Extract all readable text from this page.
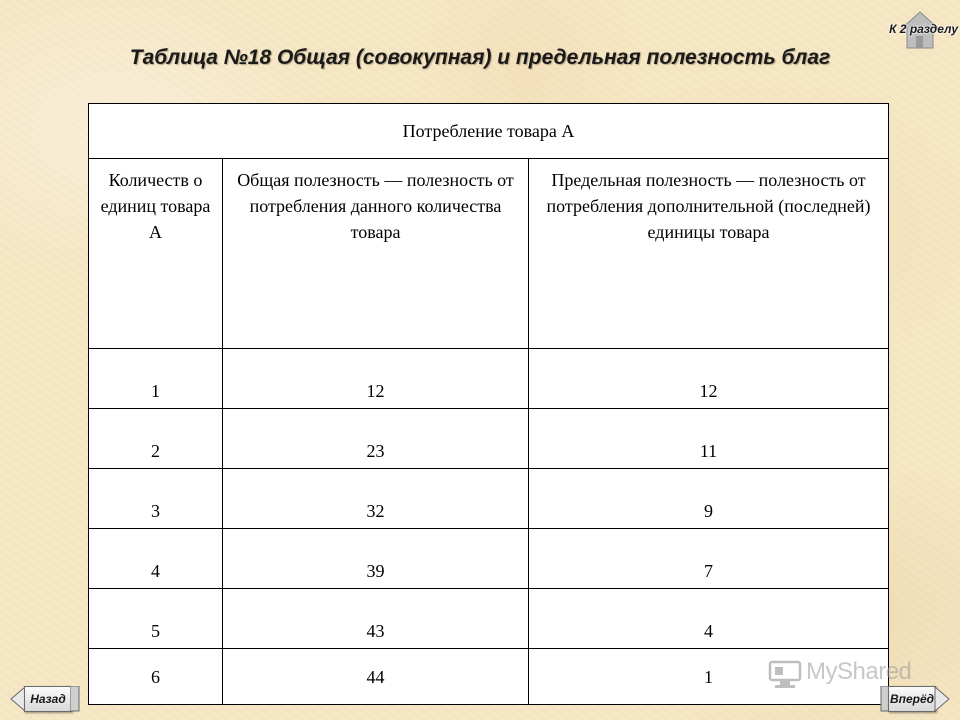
Таблица №18 Общая (совокупная) и предельная полезность благ
К 2 разделу
Потребление товара А		
Количеств о единиц товара А	Общая полезность — полезность от потребления данного количества товара	Предельная полезность — полезность от потребления дополнительной (последней) единицы товара
1	12	12
2	23	11
3	32	9
4	39	7
5	43	4
6	44	1	MyShared
Назад	Вперёд
